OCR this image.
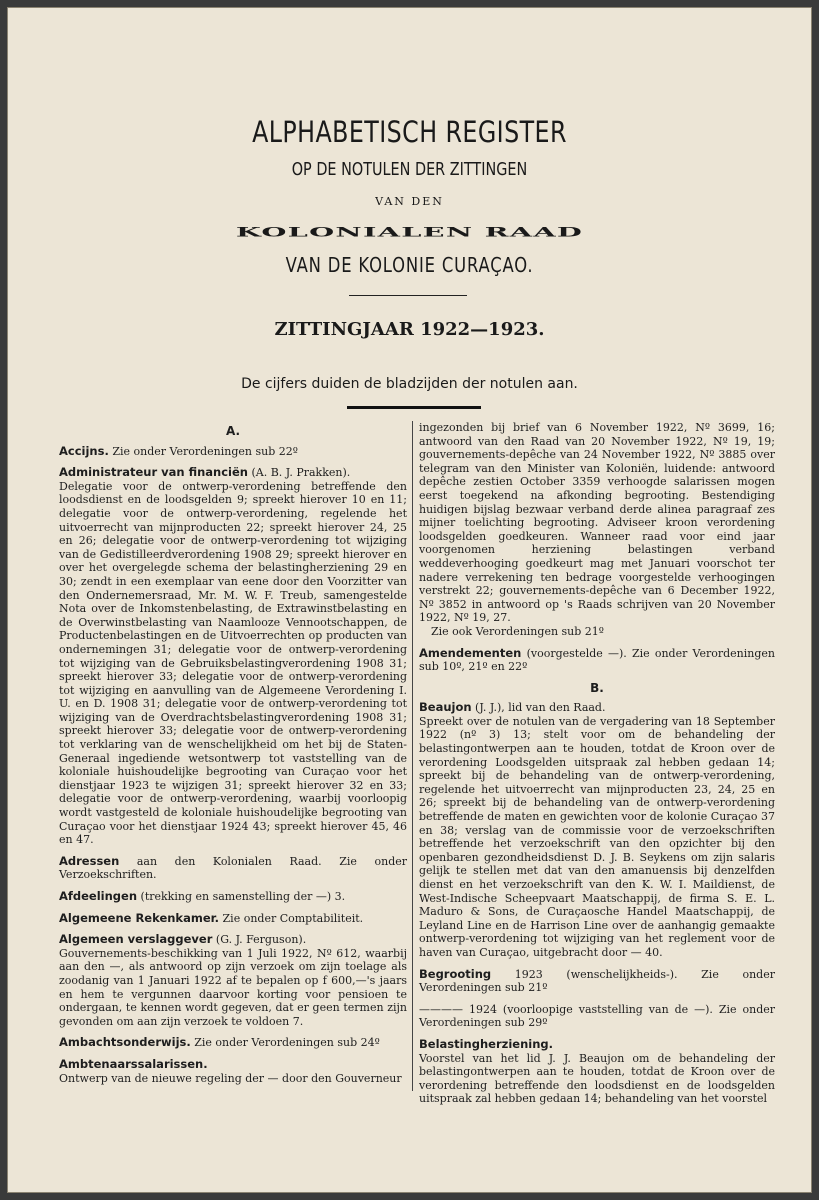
ALPHABETISCH REGISTER
OP DE NOTULEN DER ZITTINGEN
VAN DEN
KOLONIALEN RAAD
VAN DE KOLONIE CURAÇAO.
ZITTINGJAAR 1922—1923.
De cijfers duiden de bladzijden der notulen aan.
A.
Accijns. Zie onder Verordeningen sub 22º
Administrateur van financiën (A. B. J. Prakken).
Delegatie voor de ontwerp-verordening betreffende den loodsdienst en de loodsgelden 9; spreekt hierover 10 en 11; delegatie voor de ontwerp-verordening, regelende het uitvoerrecht van mijnproducten 22; spreekt hierover 24, 25 en 26; delegatie voor de ontwerp-verordening tot wijziging van de Gedistilleerdverordening 1908 29; spreekt hierover en over het overgelegde schema der belastingherziening 29 en 30; zendt in een exemplaar van eene door den Voorzitter van den Ondernemersraad, Mr. M. W. F. Treub, samengestelde Nota over de Inkomstenbelasting, de Extrawinstbelasting en de Overwinstbelasting van Naamlooze Vennootschappen, de Productenbelastingen en de Uitvoerrechten op producten van ondernemingen 31; delegatie voor de ontwerp-verordening tot wijziging van de Gebruiksbelastingverordening 1908 31; spreekt hierover 33; delegatie voor de ontwerp-verordening tot wijziging en aanvulling van de Algemeene Verordening I. U. en D. 1908 31; delegatie voor de ontwerp-verordening tot wijziging van de Overdrachtsbelastingverordening 1908 31; spreekt hierover 33; delegatie voor de ontwerp-verordening tot verklaring van de wenschelijkheid om het bij de Staten-Generaal ingediende wetsontwerp tot vaststelling van de koloniale huishoudelijke begrooting van Curaçao voor het dienstjaar 1923 te wijzigen 31; spreekt hierover 32 en 33; delegatie voor de ontwerp-verordening, waarbij voorloopig wordt vastgesteld de koloniale huishoudelijke begrooting van Curaçao voor het dienstjaar 1924 43; spreekt hierover 45, 46 en 47.
Adressen aan den Kolonialen Raad. Zie onder Verzoekschriften.
Afdeelingen (trekking en samenstelling der —) 3.
Algemeene Rekenkamer. Zie onder Comptabiliteit.
Algemeen verslaggever (G. J. Ferguson).
Gouvernements-beschikking van 1 Juli 1922, Nº 612, waarbij aan den —, als antwoord op zijn verzoek om zijn toelage als zoodanig van 1 Januari 1922 af te bepalen op f 600,—'s jaars en hem te vergunnen daarvoor korting voor pensioen te ondergaan, te kennen wordt gegeven, dat er geen termen zijn gevonden om aan zijn verzoek te voldoen 7.
Ambachtsonderwijs. Zie onder Verordeningen sub 24º
Ambtenaarssalarissen.
Ontwerp van de nieuwe regeling der — door den Gouverneur
ingezonden bij brief van 6 November 1922, Nº 3699, 16; antwoord van den Raad van 20 November 1922, Nº 19, 19; gouvernements-depêche van 24 November 1922, Nº 3885 over telegram van den Minister van Koloniën, luidende: antwoord depêche zestien October 3359 verhoogde salarissen mogen eerst toegekend na afkonding begrooting. Bestendiging huidigen bijslag bezwaar verband derde alinea paragraaf zes mijner toelichting begrooting. Adviseer kroon verordening loodsgelden goedkeuren. Wanneer raad voor eind jaar voorgenomen herziening belastingen verband weddeverhooging goedkeurt mag met Januari voorschot ter nadere verrekening ten bedrage voorgestelde verhoogingen verstrekt 22; gouvernements-depêche van 6 December 1922, Nº 3852 in antwoord op 's Raads schrijven van 20 November 1922, Nº 19, 27.
Zie ook Verordeningen sub 21º
Amendementen (voorgestelde —). Zie onder Verordeningen sub 10º, 21º en 22º
B.
Beaujon (J. J.), lid van den Raad.
Spreekt over de notulen van de vergadering van 18 September 1922 (nº 3) 13; stelt voor om de behandeling der belastingontwerpen aan te houden, totdat de Kroon over de verordening Loodsgelden uitspraak zal hebben gedaan 14; spreekt bij de behandeling van de ontwerp-verordening, regelende het uitvoerrecht van mijnproducten 23, 24, 25 en 26; spreekt bij de behandeling van de ontwerp-verordening betreffende de maten en gewichten voor de kolonie Curaçao 37 en 38; verslag van de commissie voor de verzoekschriften betreffende het verzoekschrift van den opzichter bij den openbaren gezondheidsdienst D. J. B. Seykens om zijn salaris gelijk te stellen met dat van den amanuensis bij denzelfden dienst en het verzoekschrift van den K. W. I. Maildienst, de West-Indische Scheepvaart Maatschappij, de firma S. E. L. Maduro & Sons, de Curaçaosche Handel Maatschappij, de Leyland Line en de Harrison Line over de aanhangig gemaakte ontwerp-verordening tot wijziging van het reglement voor de haven van Curaçao, uitgebracht door — 40.
Begrooting 1923 (wenschelijkheids-). Zie onder Verordeningen sub 21º
———— 1924 (voorloopige vaststelling van de —). Zie onder Verordeningen sub 29º
Belastingherziening.
Voorstel van het lid J. J. Beaujon om de behandeling der belastingontwerpen aan te houden, totdat de Kroon over de verordening betreffende den loodsdienst en de loodsgelden uitspraak zal hebben gedaan 14; behandeling van het voorstel
